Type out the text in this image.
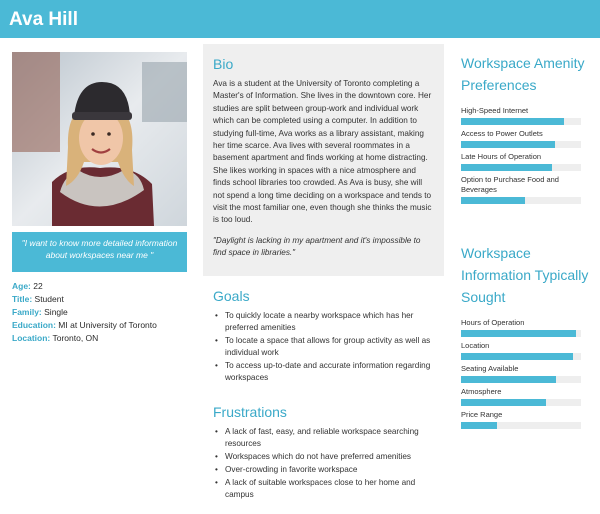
Ava Hill
"I want to know more detailed information about workspaces near me "
Age: 22
Title: Student
Family: Single
Education: MI at University of Toronto
Location: Toronto, ON
Bio

Ava is a student at the University of Toronto completing a Master's of Information. She lives in the downtown core. Her studies are split between group-work and individual work which can be completed using a computer. In addition to studying full-time, Ava works as a library assistant, making her time scarce. Ava lives with several roommates in a basement apartment and finds working at home distracting. She likes working in spaces with a nice atmosphere and finds school libraries too crowded. As Ava is busy, she will not spend a long time deciding on a workspace and tends to visit the most familiar one, even though she thinks the music is too loud.

"Daylight is lacking in my apartment and it's impossible to find space in libraries."

Goals
• To quickly locate a nearby workspace which has her preferred amenities
• To locate a space that allows for group activity as well as individual work
• To access up-to-date and accurate information regarding workspaces
Frustrations
• A lack of fast, easy, and reliable workspace searching resources
• Workspaces which do not have preferred amenities
• Over-crowding in favorite workspace
• A lack of suitable workspaces close to her home and campus
Workspace Amenity Preferences
High-Speed Internet
Access to Power Outlets
Late Hours of Operation
Option to Purchase Food and Beverages
Workspace Information Typically Sought
Hours of Operation
Location
Seating Available
Atmosphere
Price Range
